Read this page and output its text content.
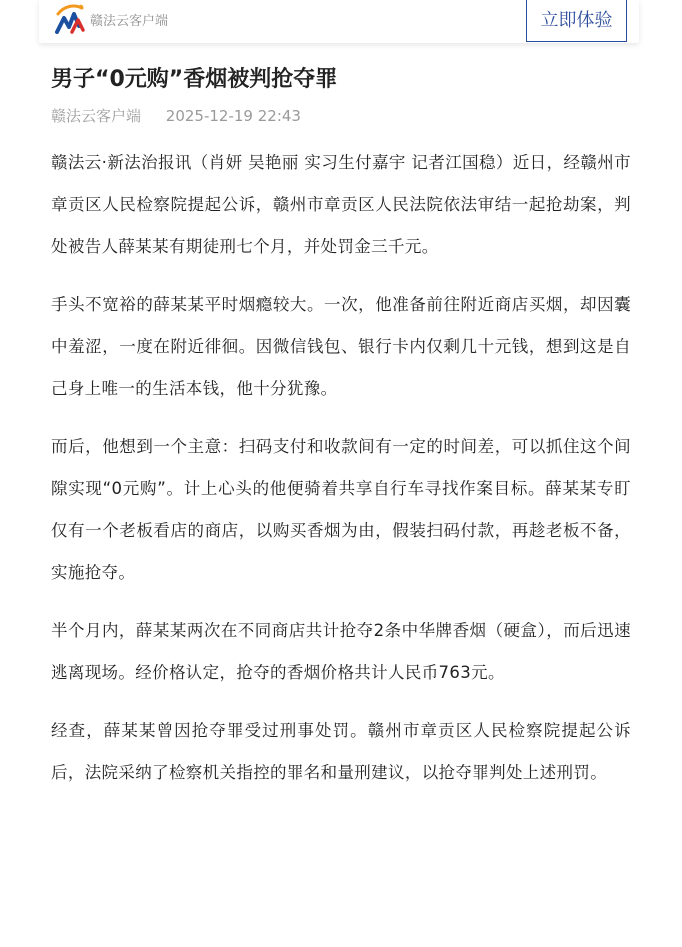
赣法云客户端	立即体验
男子“0元购”香烟被判抢夺罪
赣法云客户端 2025-12-19 22:43

赣法云·新法治报讯（肖妍 吴艳丽 实习生付嘉宇 记者江国稳）近日，经赣州市章贡区人民检察院提起公诉，赣州市章贡区人民法院依法审结一起抢劫案，判处被告人薛某某有期徒刑七个月，并处罚金三千元。

手头不宽裕的薛某某平时烟瘾较大。一次，他准备前往附近商店买烟，却因囊中羞涩，一度在附近徘徊。因微信钱包、银行卡内仅剩几十元钱，想到这是自己身上唯一的生活本钱，他十分犹豫。

而后，他想到一个主意：扫码支付和收款间有一定的时间差，可以抓住这个间隙实现“0元购”。计上心头的他便骑着共享自行车寻找作案目标。薛某某专盯仅有一个老板看店的商店，以购买香烟为由，假装扫码付款，再趁老板不备，实施抢夺。

半个月内，薛某某两次在不同商店共计抢夺2条中华牌香烟（硬盒），而后迅速逃离现场。经价格认定，抢夺的香烟价格共计人民币763元。

经查，薛某某曾因抢夺罪受过刑事处罚。赣州市章贡区人民检察院提起公诉后，法院采纳了检察机关指控的罪名和量刑建议，以抢夺罪判处上述刑罚。
